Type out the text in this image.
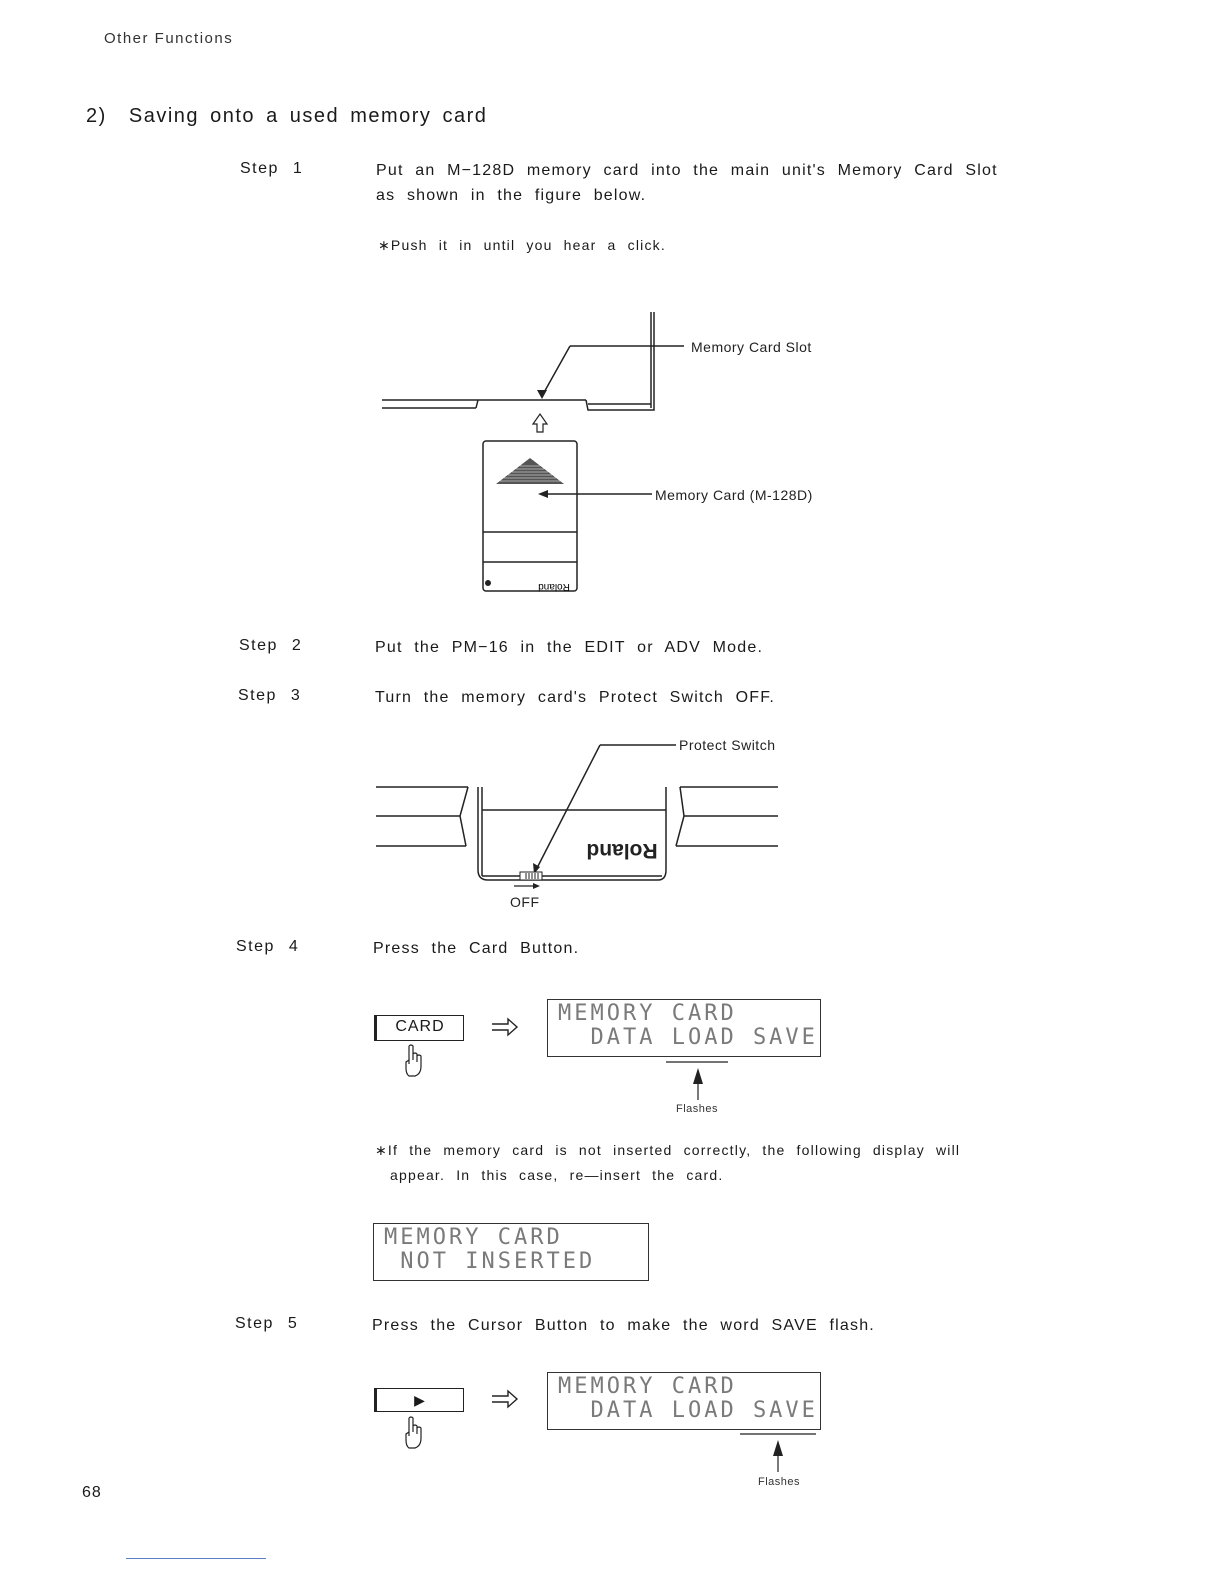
Other Functions
2)  Saving onto a used memory card
Step 1	Put an M−128D memory card into the main unit's Memory Card Slot
as shown in the figure below.
∗Push it in until you hear a click.
Roland
Memory Card Slot
Memory Card (M-128D)
Step 2	Put the PM−16 in the EDIT or ADV Mode.
Step 3	Turn the memory card's Protect Switch OFF.
Roland
Protect Switch
OFF
Step 4	Press the Card Button.
CARD
MEMORY CARD
DATA LOAD SAVE
Flashes
∗If the memory card is not inserted correctly, the following display will
appear. In this case, re—insert the card.
MEMORY CARD
NOT INSERTED
Step 5	Press the Cursor Button to make the word SAVE flash.
▶
MEMORY CARD
DATA LOAD SAVE
Flashes
68
